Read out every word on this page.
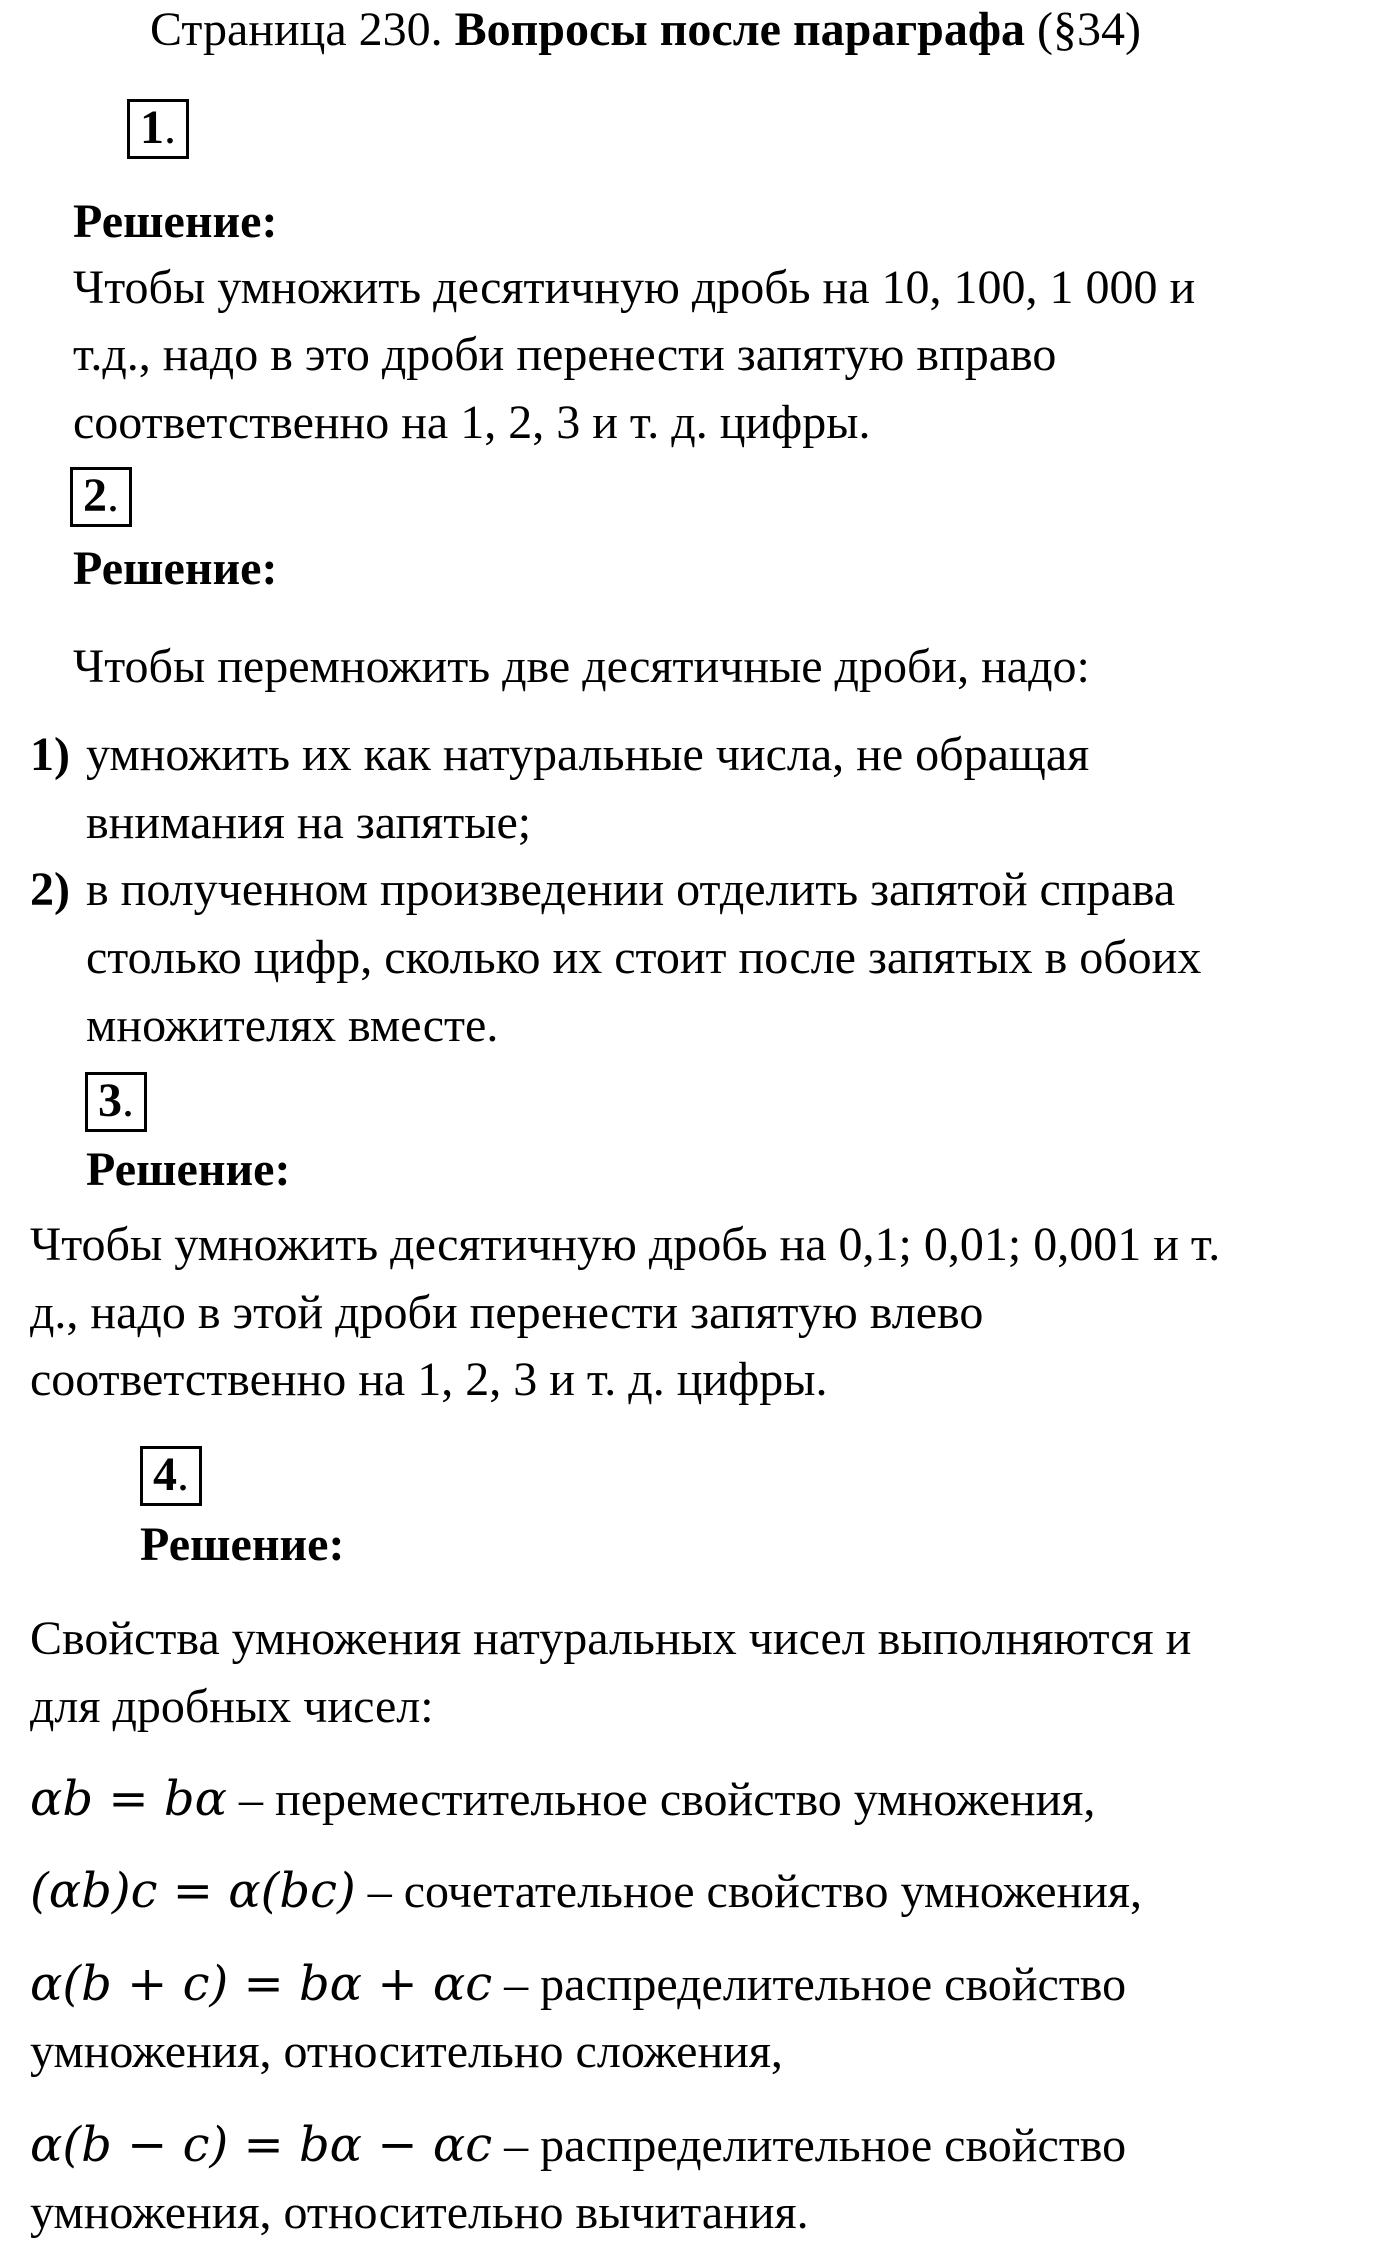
Страница 230. Вопросы после параграфа (§34)
1.
Решение:
Чтобы умножить десятичную дробь на 10, 100, 1 000 и
т.д., надо в это дроби перенести запятую вправо
соответственно на 1, 2, 3 и т. д. цифры.
2.
Решение:
Чтобы перемножить две десятичные дроби, надо:
1) умножить их как натуральные числа, не обращая
внимания на запятые;
2) в полученном произведении отделить запятой справа
столько цифр, сколько их стоит после запятых в обоих
множителях вместе.
3.
Решение:
Чтобы умножить десятичную дробь на 0,1; 0,01; 0,001 и т.
д., надо в этой дроби перенести запятую влево
соответственно на 1, 2, 3 и т. д. цифры.
4.
Решение:
Свойства умножения натуральных чисел выполняются и
для дробных чисел:
αb = bα – переместительное свойство умножения,
(αb)c = α(bc) – сочетательное свойство умножения,
α(b + c) = bα + αc – распределительное свойство
умножения, относительно сложения,
α(b − c) = bα − αc – распределительное свойство
умножения, относительно вычитания.
